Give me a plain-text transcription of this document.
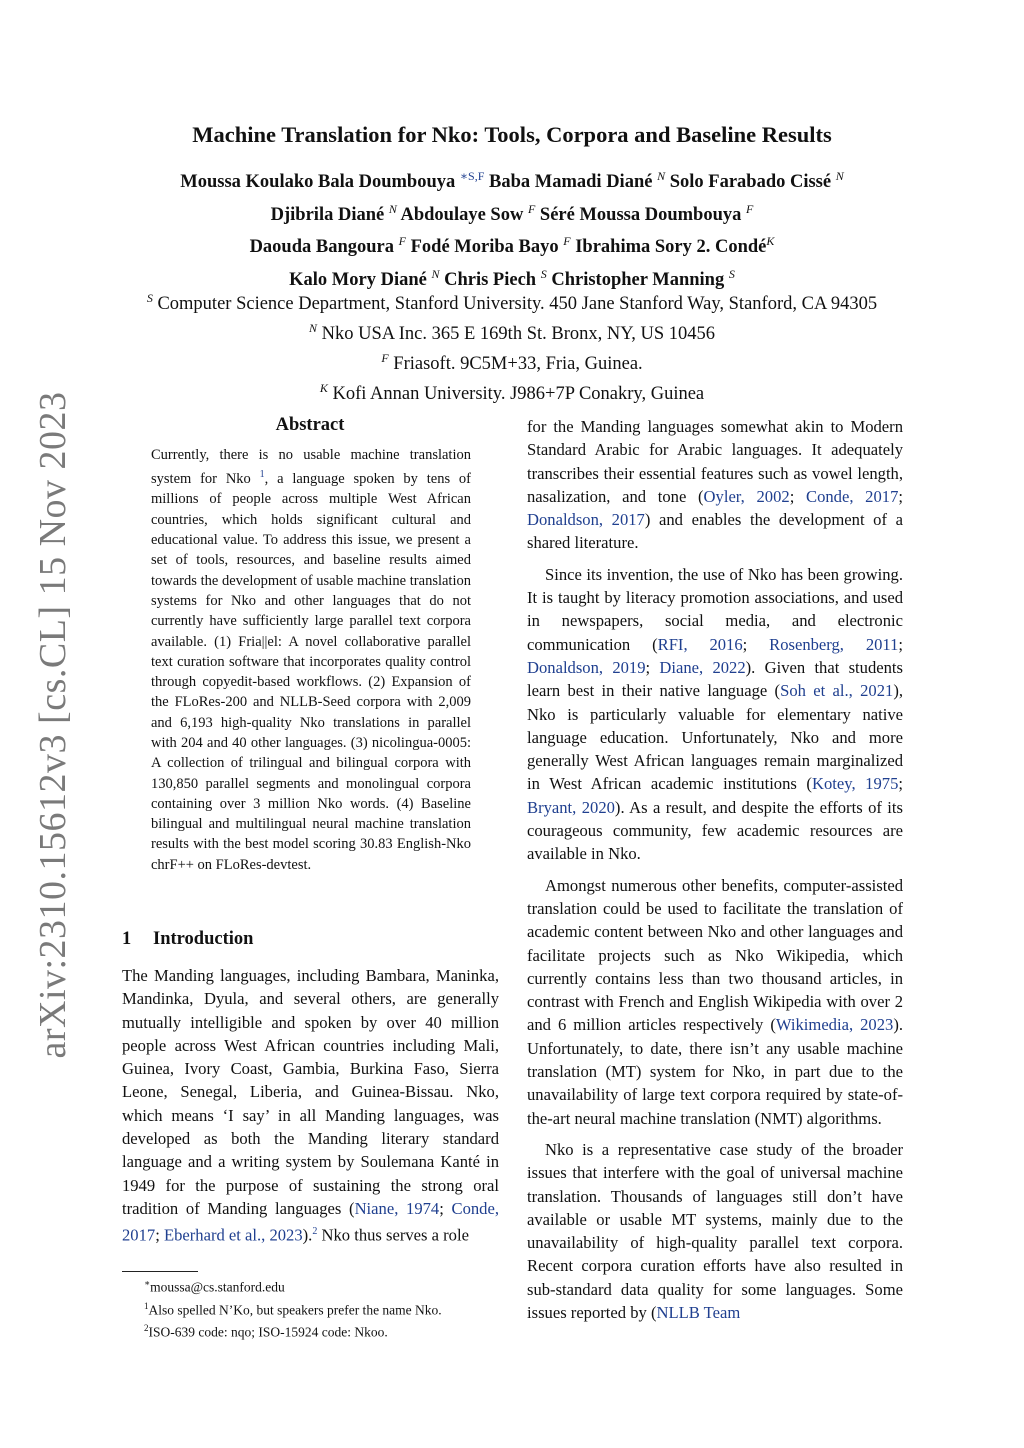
arXiv:2310.15612v3 [cs.CL] 15 Nov 2023
Machine Translation for Nko: Tools, Corpora and Baseline Results
Moussa Koulako Bala Doumbouya $^{∗S,F}$ Baba Mamadi Diané $^N$ Solo Farabado Cissé $^N$
Djibrila Diané $^N$ Abdoulaye Sow $^F$ Séré Moussa Doumbouya $^F$
Daouda Bangoura $^F$ Fodé Moriba Bayo $^F$ Ibrahima Sory 2. Condé$^K$
Kalo Mory Diané $^N$ Chris Piech $^S$ Christopher Manning $^S$
$^S$ Computer Science Department, Stanford University. 450 Jane Stanford Way, Stanford, CA 94305
$^N$ Nko USA Inc. 365 E 169th St. Bronx, NY, US 10456
$^F$ Friasoft. 9C5M+33, Fria, Guinea.
$^K$ Kofi Annan University. J986+7P Conakry, Guinea
Abstract
Currently, there is no usable machine translation system for Nko $^1$, a language spoken by tens of millions of people across multiple West African countries, which holds significant cultural and educational value. To address this issue, we present a set of tools, resources, and baseline results aimed towards the development of usable machine translation systems for Nko and other languages that do not currently have sufficiently large parallel text corpora available. (1) Fria||el: A novel collaborative parallel text curation software that incorporates quality control through copyedit-based workflows. (2) Expansion of the FLoRes-200 and NLLB-Seed corpora with 2,009 and 6,193 high-quality Nko translations in parallel with 204 and 40 other languages. (3) nicolingua-0005: A collection of trilingual and bilingual corpora with 130,850 parallel segments and monolingual corpora containing over 3 million Nko words. (4) Baseline bilingual and multilingual neural machine translation results with the best model scoring 30.83 English-Nko chrF++ on FLoRes-devtest.
1 Introduction
The Manding languages, including Bambara, Maninka, Mandinka, Dyula, and several others, are generally mutually intelligible and spoken by over 40 million people across West African countries including Mali, Guinea, Ivory Coast, Gambia, Burkina Faso, Sierra Leone, Senegal, Liberia, and Guinea-Bissau. Nko, which means ‘I say’ in all Manding languages, was developed as both the Manding literary standard language and a writing system by Soulemana Kanté in 1949 for the purpose of sustaining the strong oral tradition of Manding languages (Niane, 1974; Conde, 2017; Eberhard et al., 2023).$^2$ Nko thus serves a role
∗moussa@cs.stanford.edu
$^1$Also spelled N’Ko, but speakers prefer the name Nko.
$^2$ISO-639 code: nqo; ISO-15924 code: Nkoo.

for the Manding languages somewhat akin to Modern Standard Arabic for Arabic languages. It adequately transcribes their essential features such as vowel length, nasalization, and tone (Oyler, 2002; Conde, 2017; Donaldson, 2017) and enables the development of a shared literature.

Since its invention, the use of Nko has been growing. It is taught by literacy promotion associations, and used in newspapers, social media, and electronic communication (RFI, 2016; Rosenberg, 2011; Donaldson, 2019; Diane, 2022). Given that students learn best in their native language (Soh et al., 2021), Nko is particularly valuable for elementary native language education. Unfortunately, Nko and more generally West African languages remain marginalized in West African academic institutions (Kotey, 1975; Bryant, 2020). As a result, and despite the efforts of its courageous community, few academic resources are available in Nko.

Amongst numerous other benefits, computer-assisted translation could be used to facilitate the translation of academic content between Nko and other languages and facilitate projects such as Nko Wikipedia, which currently contains less than two thousand articles, in contrast with French and English Wikipedia with over 2 and 6 million articles respectively (Wikimedia, 2023). Unfortunately, to date, there isn’t any usable machine translation (MT) system for Nko, in part due to the unavailability of large text corpora required by state-of-the-art neural machine translation (NMT) algorithms.

Nko is a representative case study of the broader issues that interfere with the goal of universal machine translation. Thousands of languages still don’t have available or usable MT systems, mainly due to the unavailability of high-quality parallel text corpora. Recent corpora curation efforts have also resulted in sub-standard data quality for some languages. Some issues reported by (NLLB Team
